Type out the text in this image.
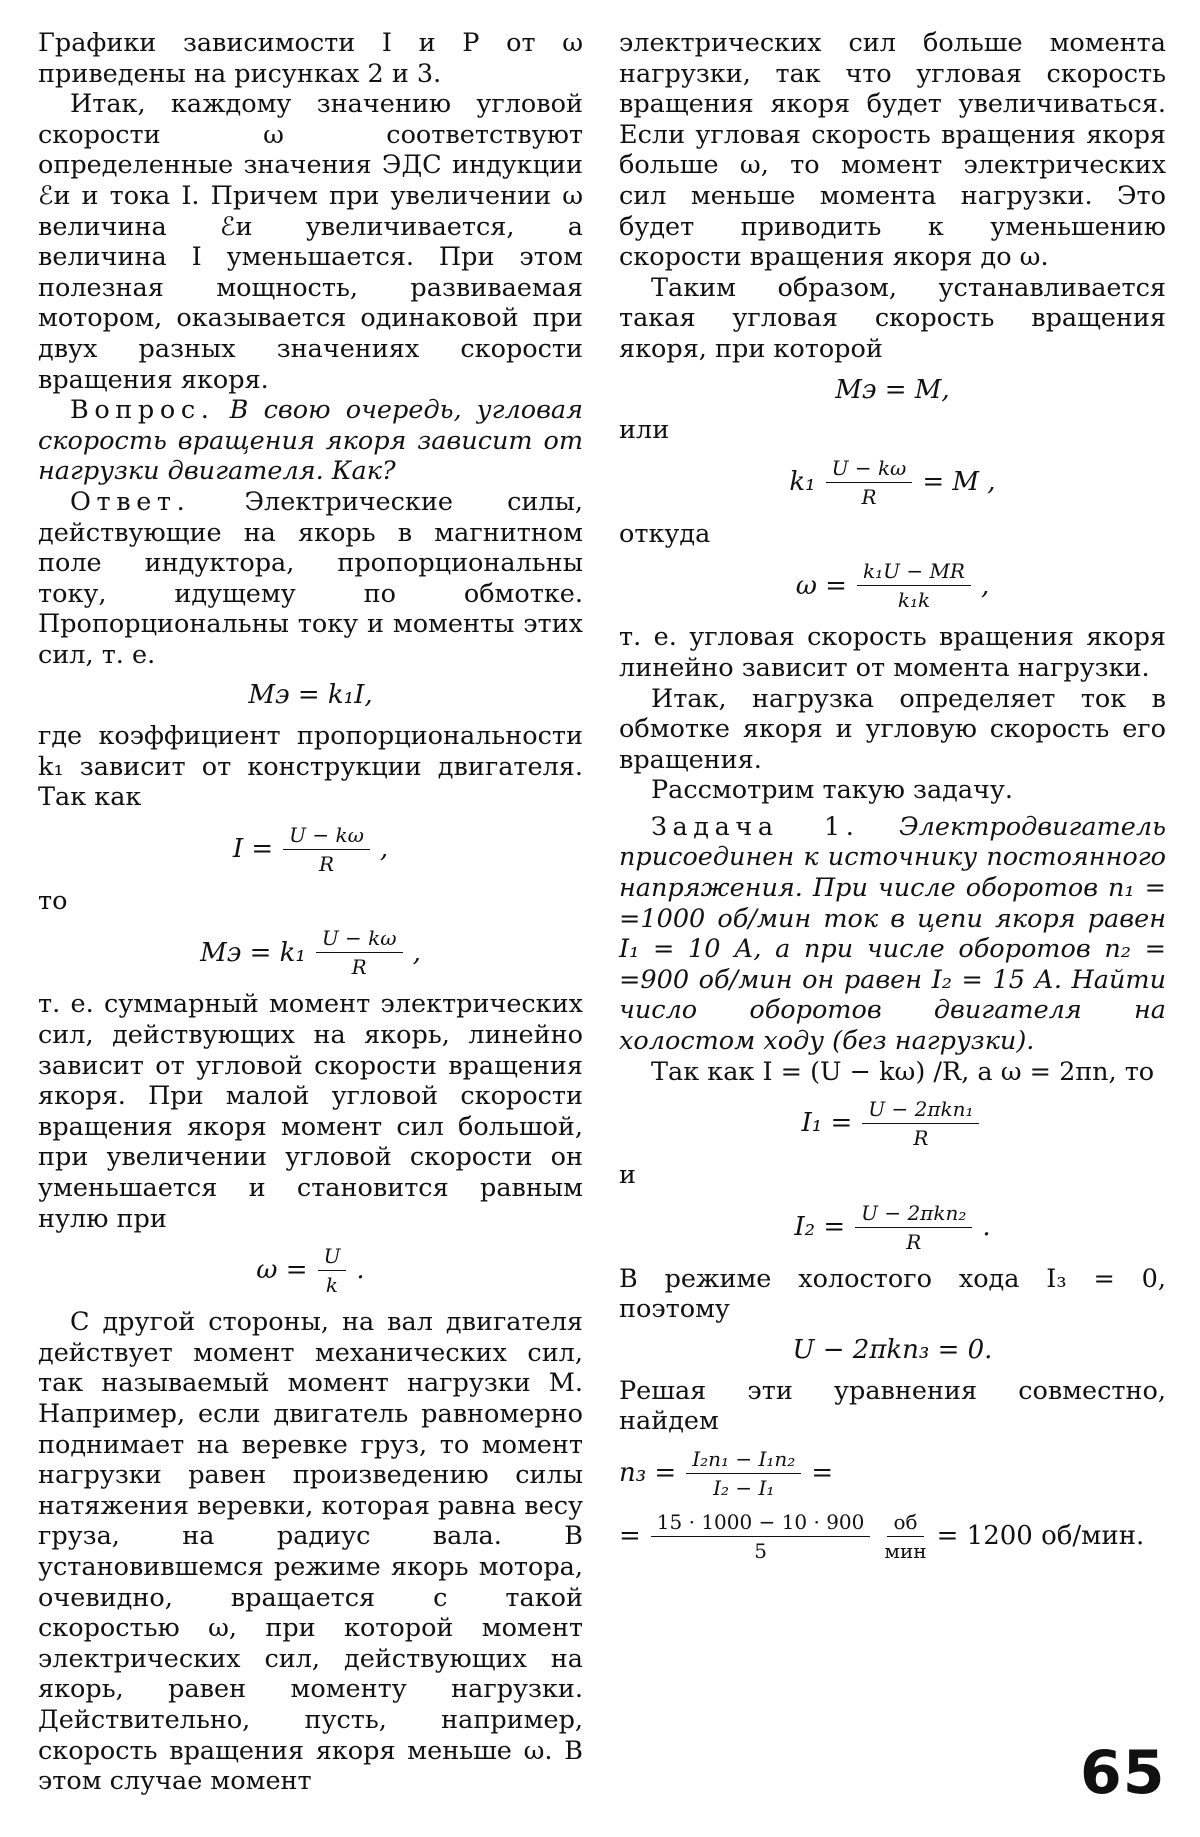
Графики зависимости I и P от ω приведены на рисунках 2 и 3.

Итак, каждому значению угловой скорости ω соответствуют определенные значения ЭДС индукции ℰи и тока I. Причем при увеличении ω величина ℰи увеличивается, а величина I уменьшается. При этом полезная мощность, развиваемая мотором, оказывается одинаковой при двух разных значениях скорости вращения якоря.

Вопрос. В свою очередь, угловая скорость вращения якоря зависит от нагрузки двигателя. Как?

Ответ. Электрические силы, действующие на якорь в магнитном поле индуктора, пропорциональны току, идущему по обмотке. Пропорциональны току и моменты этих сил, т. е.

Mэ = k₁I,

где коэффициент пропорциональности k₁ зависит от конструкции двигателя. Так как

$I = \frac{U - k\omega}{R}$ ,

то

Mэ = $k_1 \frac{U - k\omega}{R}$ ,

т. е. суммарный момент электрических сил, действующих на якорь, линейно зависит от угловой скорости вращения якоря. При малой угловой скорости вращения якоря момент сил большой, при увеличении угловой скорости он уменьшается и становится равным нулю при

$\omega = \frac{U}{k}$ .

С другой стороны, на вал двигателя действует момент механических сил, так называемый момент нагрузки M. Например, если двигатель равномерно поднимает на веревке груз, то момент нагрузки равен произведению силы натяжения веревки, которая равна весу груза, на радиус вала. В установившемся режиме якорь мотора, очевидно, вращается с такой скоростью ω, при которой момент электрических сил, действующих на якорь, равен моменту нагрузки. Действительно, пусть, например, скорость вращения якоря меньше ω. В этом случае момент

электрических сил больше момента нагрузки, так что угловая скорость вращения якоря будет увеличиваться. Если угловая скорость вращения якоря больше ω, то момент электрических сил меньше момента нагрузки. Это будет приводить к уменьшению скорости вращения якоря до ω.

Таким образом, устанавливается такая угловая скорость вращения якоря, при которой

Mэ = M,

или

$k_1 \frac{U - k\omega}{R} = M$ ,

откуда

$\omega = \frac{\text{k₁U − MR}}{\text{k₁k}}$ ,

т. е. угловая скорость вращения якоря линейно зависит от момента нагрузки.

Итак, нагрузка определяет ток в обмотке якоря и угловую скорость его вращения.

Рассмотрим такую задачу.

Задача 1. Электродвигатель присоединен к источнику постоянного напряжения. При числе оборотов n₁ = =1000 об/мин ток в цепи якоря равен I₁ = 10 А, а при числе оборотов n₂ = =900 об/мин он равен I₂ = 15 А. Найти число оборотов двигателя на холостом ходу (без нагрузки).

Так как I = (U − kω) /R, а ω = 2πn, то

$I_1 = \frac{\text{U − 2πkn₁}}{R}$

и

$I_2 = \frac{\text{U − 2πkn₂}}{R}$ .

В режиме холостого хода I₃ = 0, поэтому

U − 2πkn₃ = 0.

Решая эти уравнения совместно, найдем

$n_3 = \frac{\text{I₂n₁ − I₁n₂}}{\text{I₂ − I₁}}$ =
= $\frac{15 \cdot 1000 - 10 \cdot 900}{5} \frac{об}{\text{мин}} = 1200$ об/мин.
65
